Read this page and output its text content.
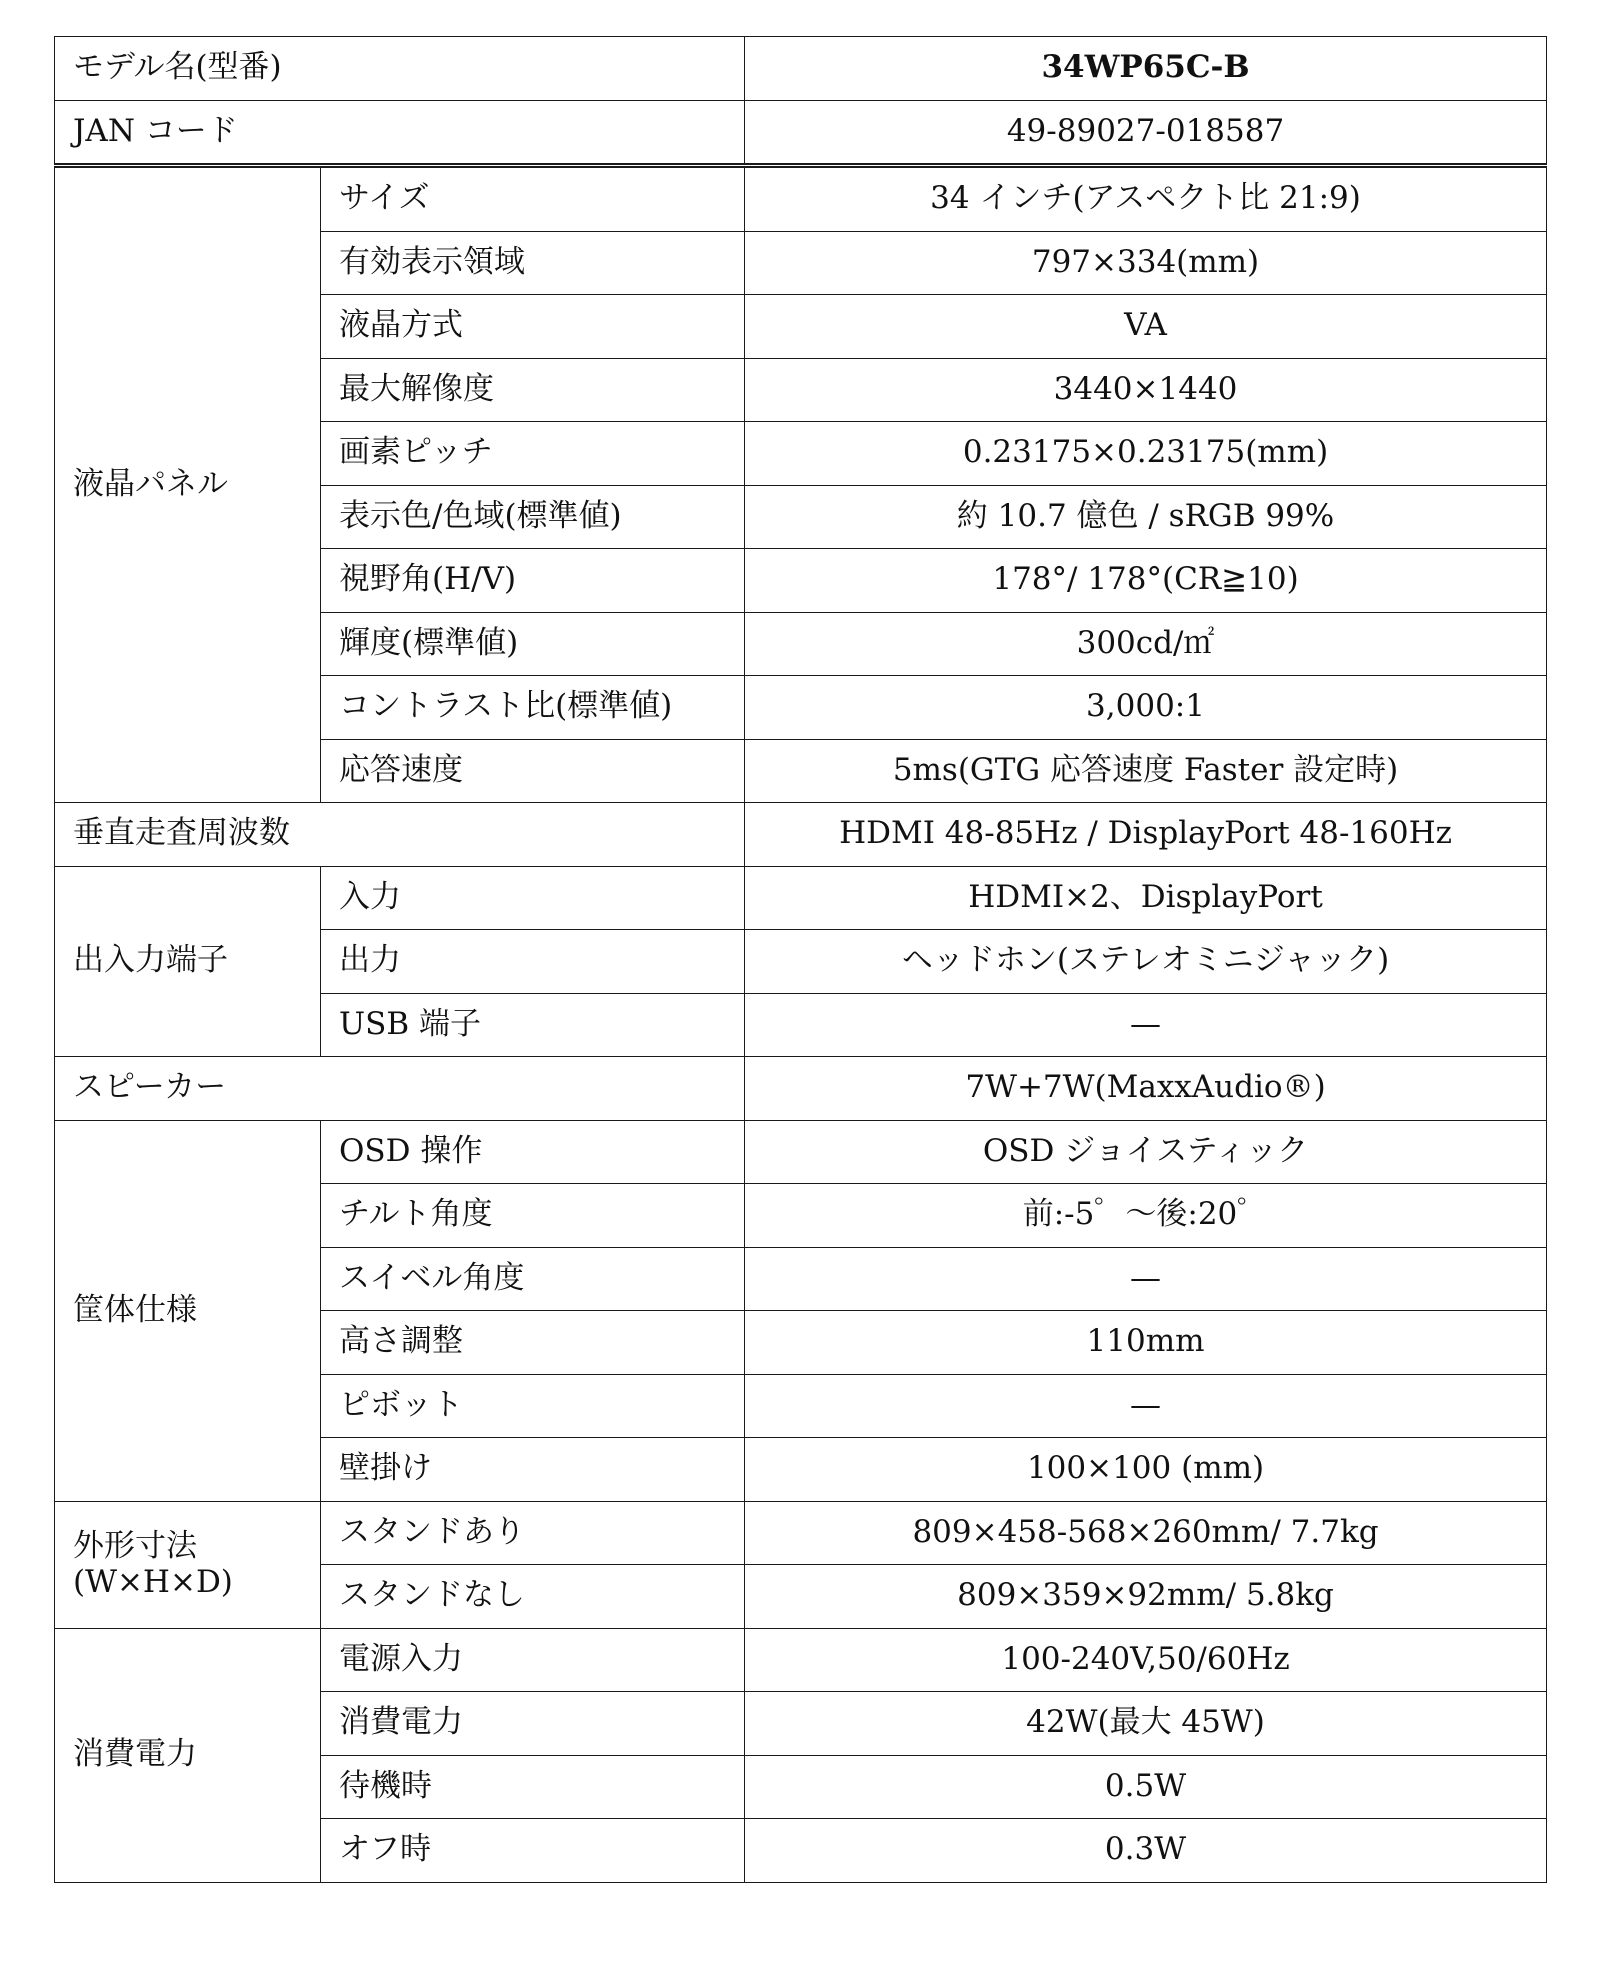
モデル名(型番)		34WP65C-B
JAN コード		49-89027-018587
液晶パネル	サイズ	34 インチ(アスペクト比 21:9)
	有効表示領域	797×334(mm)
	液晶方式	VA
	最大解像度	3440×1440
	画素ピッチ	0.23175×0.23175(mm)
	表示色/色域(標準値)	約 10.7 億色 / sRGB 99%
	視野角(H/V)	178°/ 178°(CR≧10)
	輝度(標準値)	300cd/㎡
	コントラスト比(標準値)	3,000:1
	応答速度	5ms(GTG 応答速度 Faster 設定時)
垂直走査周波数		HDMI 48-85Hz / DisplayPort 48-160Hz
出入力端子	入力	HDMI×2、DisplayPort
	出力	ヘッドホン(ステレオミニジャック)
	USB 端子	—
スピーカー		7W+7W(MaxxAudio®)
筐体仕様	OSD 操作	OSD ジョイスティック
	チルト角度	前:-5゜〜後:20゜
	スイベル角度	—
	高さ調整	110mm
	ピボット	—
	壁掛け	100×100 (mm)

外形寸法
(W×H×D)	スタンドあり	809×458-568×260mm/ 7.7kg
	スタンドなし	809×359×92mm/ 5.8kg
消費電力	電源入力	100-240V,50/60Hz
	消費電力	42W(最大 45W)
	待機時	0.5W
	オフ時	0.3W
